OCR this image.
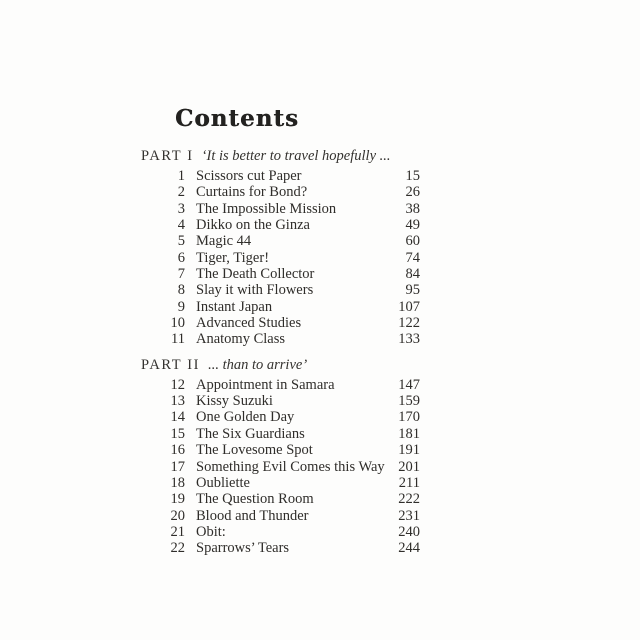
Contents
PART I ‘It is better to travel hopefully ...
1 Scissors cut Paper	15
2 Curtains for Bond?	26
3 The Impossible Mission	38
4 Dikko on the Ginza	49
5 Magic 44	60
6 Tiger, Tiger!	74
7 The Death Collector	84
8 Slay it with Flowers	95
9 Instant Japan	107
10 Advanced Studies	122
11 Anatomy Class	133
PART II ... than to arrive’
12 Appointment in Samara	147
13 Kissy Suzuki	159
14 One Golden Day	170
15 The Six Guardians	181
16 The Lovesome Spot	191
17 Something Evil Comes this Way 201
18 Oubliette	211
19 The Question Room	222
20 Blood and Thunder	231
21 Obit:	240
22 Sparrows’ Tears	244
